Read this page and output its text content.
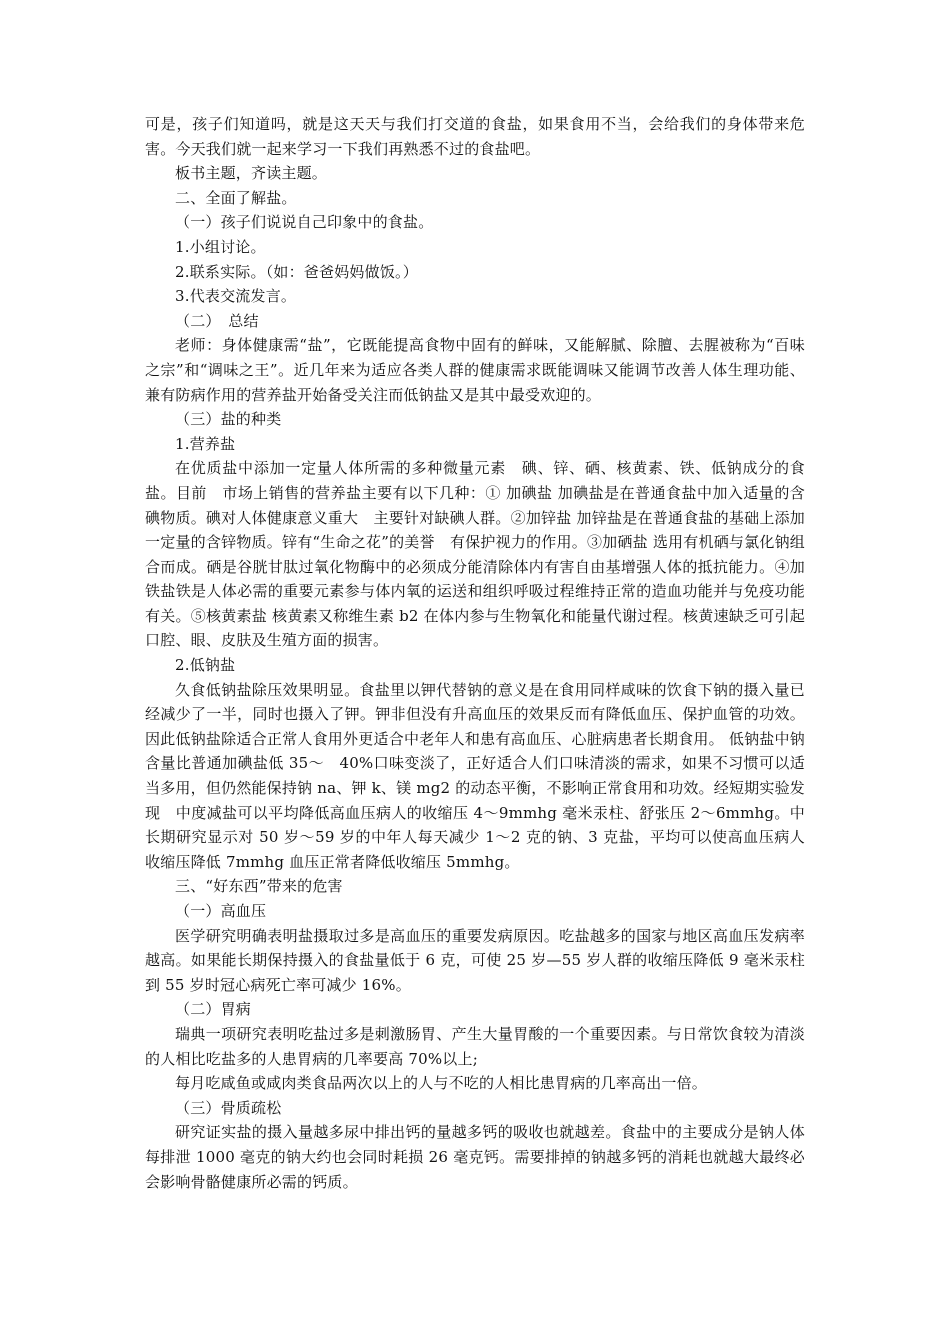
可是，孩子们知道吗，就是这天天与我们打交道的食盐，如果食用不当，会给我们的身体带来危害。今天我们就一起来学习一下我们再熟悉不过的食盐吧。

板书主题，齐读主题。

二、全面了解盐。

（一）孩子们说说自己印象中的食盐。

1.小组讨论。

2.联系实际。（如：爸爸妈妈做饭。）

3.代表交流发言。

（二）　总结

老师：身体健康需“盐”，它既能提高食物中固有的鲜味，又能解腻、除膻、去腥被称为“百味之宗”和“调味之王”。近几年来为适应各类人群的健康需求既能调味又能调节改善人体生理功能、兼有防病作用的营养盐开始备受关注而低钠盐又是其中最受欢迎的。

（三）盐的种类

1.营养盐

在优质盐中添加一定量人体所需的多种微量元素　碘、锌、硒、核黄素、铁、低钠成分的食盐。目前　市场上销售的营养盐主要有以下几种：① 加碘盐 加碘盐是在普通食盐中加入适量的含碘物质。碘对人体健康意义重大　主要针对缺碘人群。②加锌盐 加锌盐是在普通食盐的基础上添加一定量的含锌物质。锌有“生命之花”的美誉　有保护视力的作用。③加硒盐 选用有机硒与氯化钠组合而成。硒是谷胱甘肽过氧化物酶中的必须成分能清除体内有害自由基增强人体的抵抗能力。④加铁盐铁是人体必需的重要元素参与体内氧的运送和组织呼吸过程维持正常的造血功能并与免疫功能有关。⑤核黄素盐 核黄素又称维生素 b2 在体内参与生物氧化和能量代谢过程。核黄速缺乏可引起口腔、眼、皮肤及生殖方面的损害。

2.低钠盐

久食低钠盐除压效果明显。食盐里以钾代替钠的意义是在食用同样咸味的饮食下钠的摄入量已经减少了一半，同时也摄入了钾。钾非但没有升高血压的效果反而有降低血压、保护血管的功效。因此低钠盐除适合正常人食用外更适合中老年人和患有高血压、心脏病患者长期食用。 低钠盐中钠含量比普通加碘盐低 35～　40%口味变淡了，正好适合人们口味清淡的需求，如果不习惯可以适当多用，但仍然能保持钠 na、钾 k、镁 mg2 的动态平衡，不影响正常食用和功效。经短期实验发现　中度减盐可以平均降低高血压病人的收缩压 4～9mmhg 毫米汞柱、舒张压 2～6mmhg。中长期研究显示对 50 岁～59 岁的中年人每天减少 1～2 克的钠、3 克盐，平均可以使高血压病人收缩压降低 7mmhg 血压正常者降低收缩压 5mmhg。

三、“好东西”带来的危害

（一）高血压

医学研究明确表明盐摄取过多是高血压的重要发病原因。吃盐越多的国家与地区高血压发病率越高。如果能长期保持摄入的食盐量低于 6 克，可使 25 岁—55 岁人群的收缩压降低 9 毫米汞柱到 55 岁时冠心病死亡率可减少 16%。

（二）胃病

瑞典一项研究表明吃盐过多是刺激肠胃、产生大量胃酸的一个重要因素。与日常饮食较为清淡的人相比吃盐多的人患胃病的几率要高 70%以上;

每月吃咸鱼或咸肉类食品两次以上的人与不吃的人相比患胃病的几率高出一倍。

（三）骨质疏松

研究证实盐的摄入量越多尿中排出钙的量越多钙的吸收也就越差。食盐中的主要成分是钠人体每排泄 1000 毫克的钠大约也会同时耗损 26 毫克钙。需要排掉的钠越多钙的消耗也就越大最终必会影响骨骼健康所必需的钙质。
